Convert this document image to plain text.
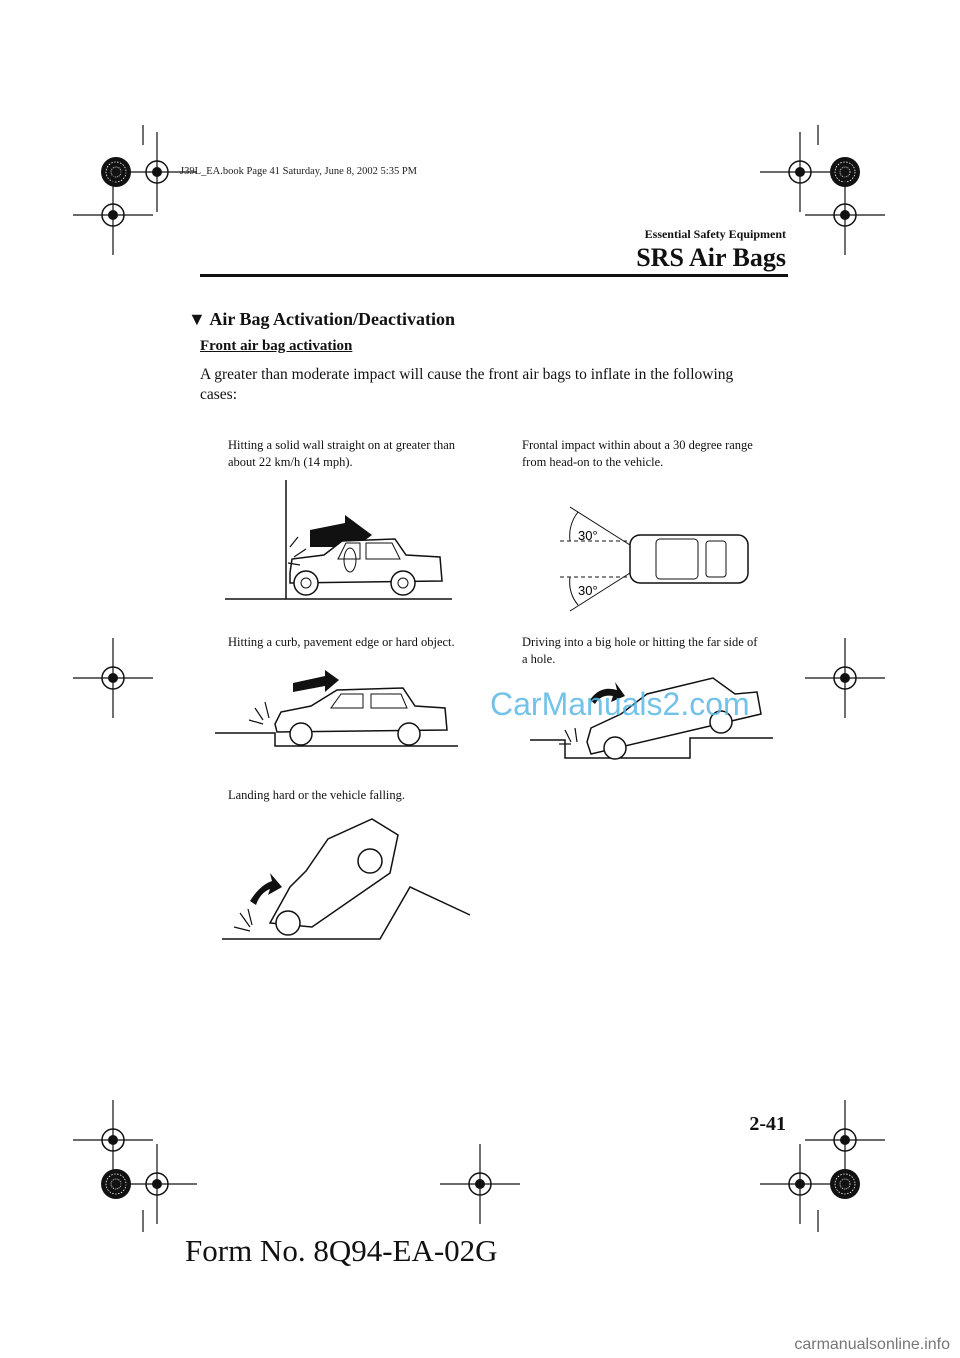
J39L_EA.book Page 41 Saturday, June 8, 2002 5:35 PM
Essential Safety Equipment
SRS Air Bags
▼ Air Bag Activation/Deactivation
Front air bag activation
A greater than moderate impact will cause the front air bags to inflate in the following cases:
Hitting a solid wall straight on at greater than about 22 km/h (14 mph).
Frontal impact within about a 30 degree range from head-on to the vehicle.
30°
30°
Hitting a curb, pavement edge or hard object.	Driving into a big hole or hitting the far side of a hole.
Landing hard or the vehicle falling.
CarManuals2.com
2-41
Form No. 8Q94-EA-02G
carmanualsonline.info
